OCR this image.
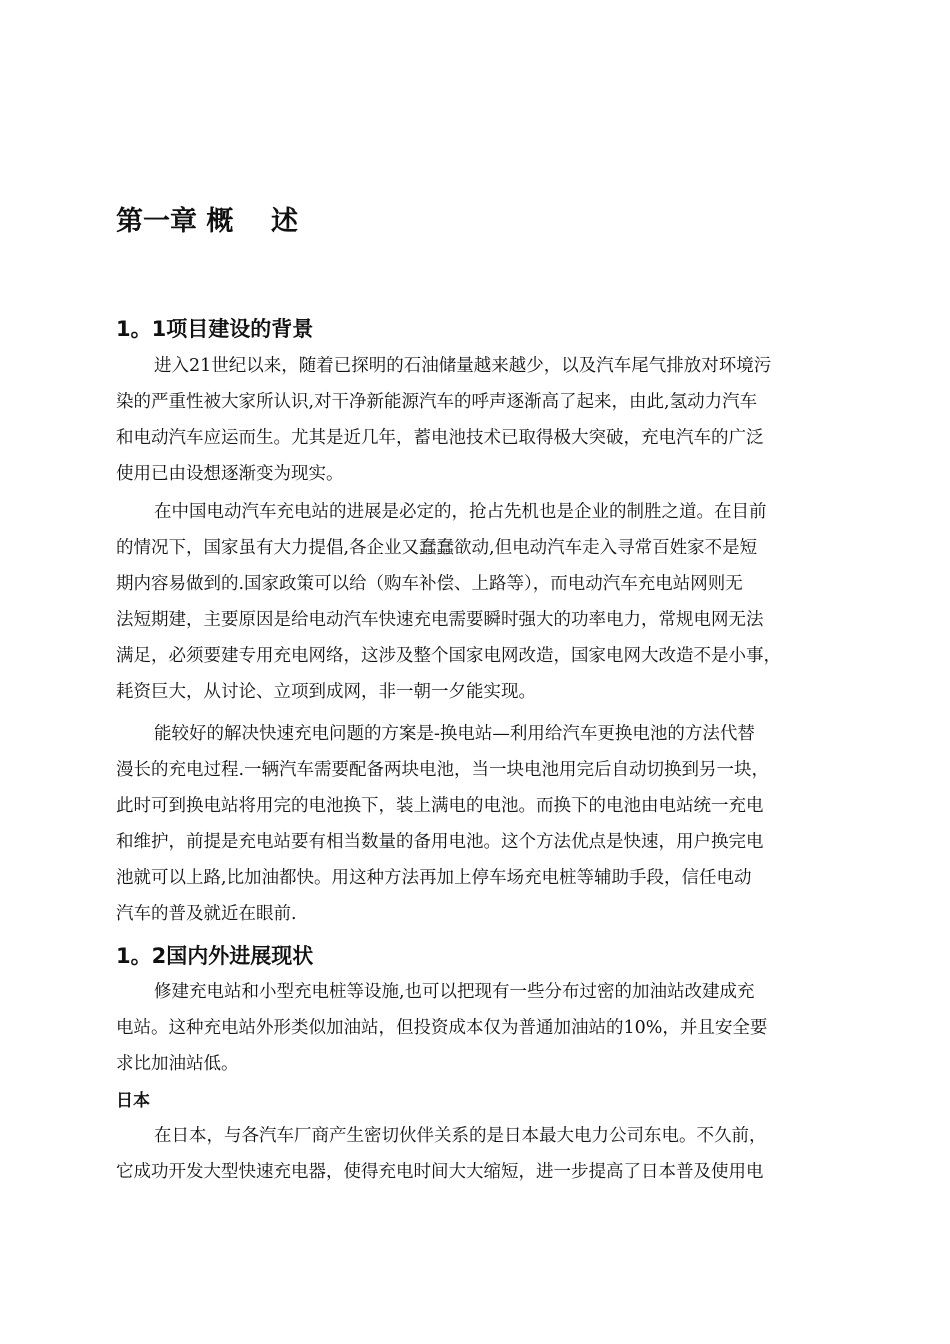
第一章 概    述
1。1项目建设的背景
进入21世纪以来，随着已探明的石油储量越来越少，以及汽车尾气排放对环境污
染的严重性被大家所认识,对干净新能源汽车的呼声逐渐高了起来，由此,氢动力汽车
和电动汽车应运而生。尤其是近几年，蓄电池技术已取得极大突破，充电汽车的广泛
使用已由设想逐渐变为现实。
在中国电动汽车充电站的进展是必定的，抢占先机也是企业的制胜之道。在目前
的情况下，国家虽有大力提倡,各企业又蠢蠢欲动,但电动汽车走入寻常百姓家不是短
期内容易做到的.国家政策可以给（购车补偿、上路等），而电动汽车充电站网则无
法短期建，主要原因是给电动汽车快速充电需要瞬时强大的功率电力，常规电网无法
满足，必须要建专用充电网络，这涉及整个国家电网改造，国家电网大改造不是小事，
耗资巨大，从讨论、立项到成网，非一朝一夕能实现。
能较好的解决快速充电问题的方案是-换电站—利用给汽车更换电池的方法代替
漫长的充电过程.一辆汽车需要配备两块电池，当一块电池用完后自动切换到另一块，
此时可到换电站将用完的电池换下，装上满电的电池。而换下的电池由电站统一充电
和维护，前提是充电站要有相当数量的备用电池。这个方法优点是快速，用户换完电
池就可以上路,比加油都快。用这种方法再加上停车场充电桩等辅助手段，信任电动
汽车的普及就近在眼前.
1。2国内外进展现状
修建充电站和小型充电桩等设施,也可以把现有一些分布过密的加油站改建成充
电站。这种充电站外形类似加油站，但投资成本仅为普通加油站的10%，并且安全要
求比加油站低。
日本
在日本，与各汽车厂商产生密切伙伴关系的是日本最大电力公司东电。不久前，
它成功开发大型快速充电器，使得充电时间大大缩短，进一步提高了日本普及使用电
